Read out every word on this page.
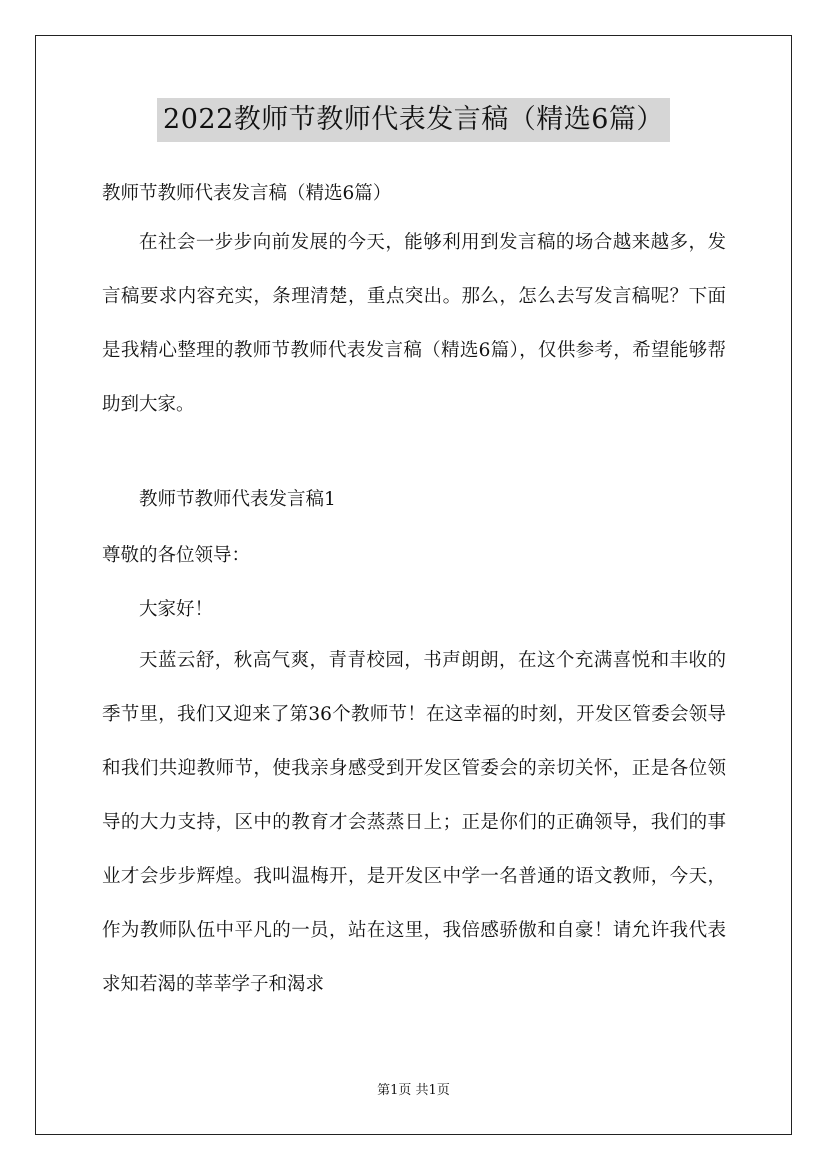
2022教师节教师代表发言稿（精选6篇）
教师节教师代表发言稿（精选6篇）

在社会一步步向前发展的今天，能够利用到发言稿的场合越来越多，发言稿要求内容充实，条理清楚，重点突出。那么，怎么去写发言稿呢？下面是我精心整理的教师节教师代表发言稿（精选6篇），仅供参考，希望能够帮助到大家。

教师节教师代表发言稿1
尊敬的各位领导：
大家好！

天蓝云舒，秋高气爽，青青校园，书声朗朗，在这个充满喜悦和丰收的季节里，我们又迎来了第36个教师节！在这幸福的时刻，开发区管委会领导和我们共迎教师节，使我亲身感受到开发区管委会的亲切关怀，正是各位领导的大力支持，区中的教育才会蒸蒸日上；正是你们的正确领导，我们的事业才会步步辉煌。我叫温梅开，是开发区中学一名普通的语文教师，今天，作为教师队伍中平凡的一员，站在这里，我倍感骄傲和自豪！请允许我代表求知若渴的莘莘学子和渴求

第1页 共1页
